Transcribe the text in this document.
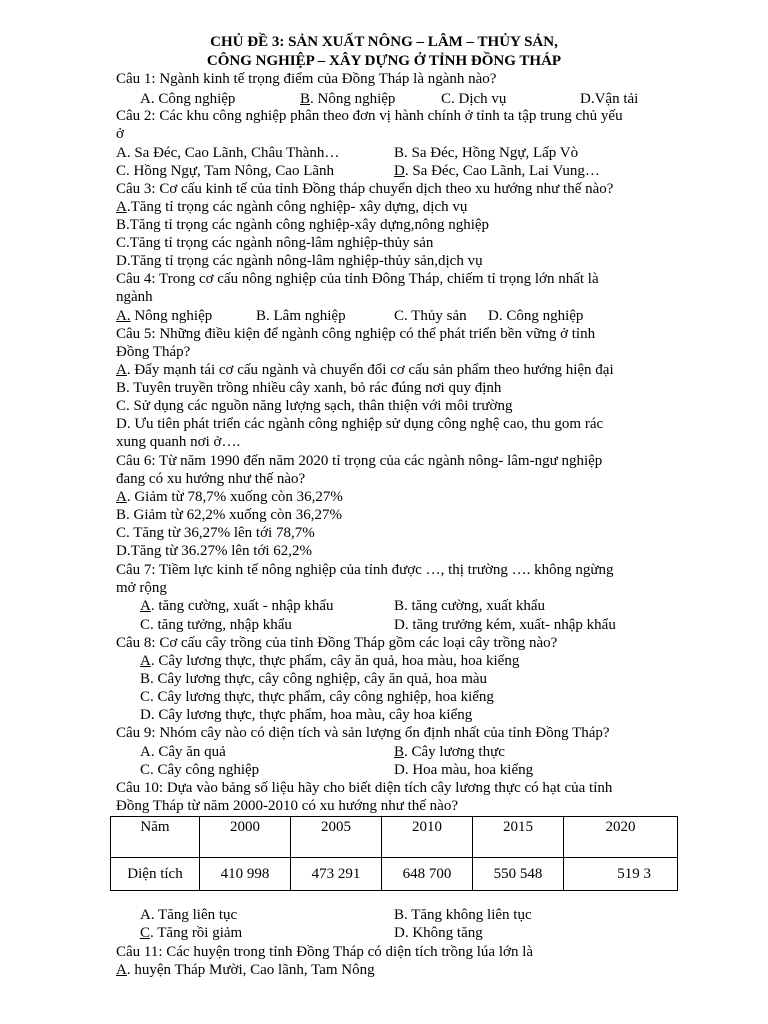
CHỦ ĐỀ 3: SẢN XUẤT NÔNG – LÂM – THỦY SẢN,
CÔNG NGHIỆP – XÂY DỰNG Ở TỈNH ĐỒNG THÁP
Câu 1: Ngành kinh tế trọng điểm của Đồng Tháp là ngành nào?
A. Công nghiệp	B. Nông nghiệp	C. Dịch vụ	D.Vận tải
Câu 2: Các khu công nghiệp phân theo đơn vị hành chính ở tỉnh ta tập trung chủ yếu
ở
A. Sa Đéc, Cao Lãnh, Châu Thành…	B. Sa Đéc, Hồng Ngự, Lấp Vò
C. Hồng Ngự, Tam Nông, Cao Lãnh	D. Sa Đéc, Cao Lãnh, Lai Vung…
Câu 3: Cơ cấu kinh tế của tỉnh Đồng tháp chuyển dịch theo xu hướng như thế nào?
A.Tăng tỉ trọng các ngành công nghiệp- xây dựng, dịch vụ
B.Tăng tỉ trọng các ngành công nghiệp-xây dựng,nông nghiệp
C.Tăng tỉ trọng các ngành nông-lâm nghiệp-thủy sản
D.Tăng tỉ trọng các ngành nông-lâm nghiệp-thủy sản,dịch vụ
Câu 4: Trong cơ cấu nông nghiệp của tỉnh Đông Tháp, chiếm tỉ trọng lớn nhất là
ngành
A. Nông nghiệp	B. Lâm nghiệp	C. Thủy sản D. Công nghiệp
Câu 5: Những điều kiện để ngành công nghiệp có thể phát triển bền vững ở tỉnh
Đồng Tháp?
A. Đẩy mạnh tái cơ cấu ngành và chuyển đổi cơ cấu sản phẩm theo hướng hiện đại
B. Tuyên truyền trồng nhiều cây xanh, bỏ rác đúng nơi quy định
C. Sử dụng các nguồn năng lượng sạch, thân thiện với môi trường
D. Ưu tiên phát triển các ngành công nghiệp sử dụng công nghệ cao, thu gom rác
xung quanh nơi ở….
Câu 6: Từ năm 1990 đến năm 2020 tỉ trọng của các ngành nông- lâm-ngư nghiệp
đang có xu hướng như thế nào?
A. Giảm từ 78,7% xuống còn 36,27%
B. Giảm từ 62,2% xuống còn 36,27%
C. Tăng từ 36,27% lên tới 78,7%
D.Tăng từ 36.27% lên tới 62,2%
Câu 7: Tiềm lực kinh tế nông nghiệp của tỉnh được …, thị trường …. không ngừng
mở rộng
A. tăng cường, xuất - nhập khẩu	B. tăng cường, xuất khẩu
C. tăng tưởng, nhập khẩu	D. tăng trưởng kém, xuất- nhập khẩu
Câu 8: Cơ cấu cây trồng của tỉnh Đồng Tháp gồm các loại cây trồng nào?
A. Cây lương thực, thực phẩm, cây ăn quả, hoa màu, hoa kiểng
B. Cây lương thực, cây công nghiệp, cây ăn quả, hoa màu
C. Cây lương thực, thực phẩm, cây công nghiệp, hoa kiểng
D. Cây lương thực, thực phẩm, hoa màu, cây hoa kiểng
Câu 9: Nhóm cây nào có diện tích và sản lượng ổn định nhất của tỉnh Đồng Tháp?
A. Cây ăn quả	B. Cây lương thực
C. Cây công nghiệp	D. Hoa màu, hoa kiểng
Câu 10: Dựa vào bảng số liệu hãy cho biết diện tích cây lương thực có hạt của tỉnh
Đồng Tháp từ năm 2000-2010 có xu hướng như thế nào?
Năm	2000	2005	2010	2015	2020
Diện tích	410 998	473 291	648 700	550 548	519 3
A. Tăng liên tục	B. Tăng không liên tục
C. Tăng rồi giảm	D. Không tăng
Câu 11: Các huyện trong tỉnh Đồng Tháp có diện tích trồng lúa lớn là
A. huyện Tháp Mười, Cao lãnh, Tam Nông
